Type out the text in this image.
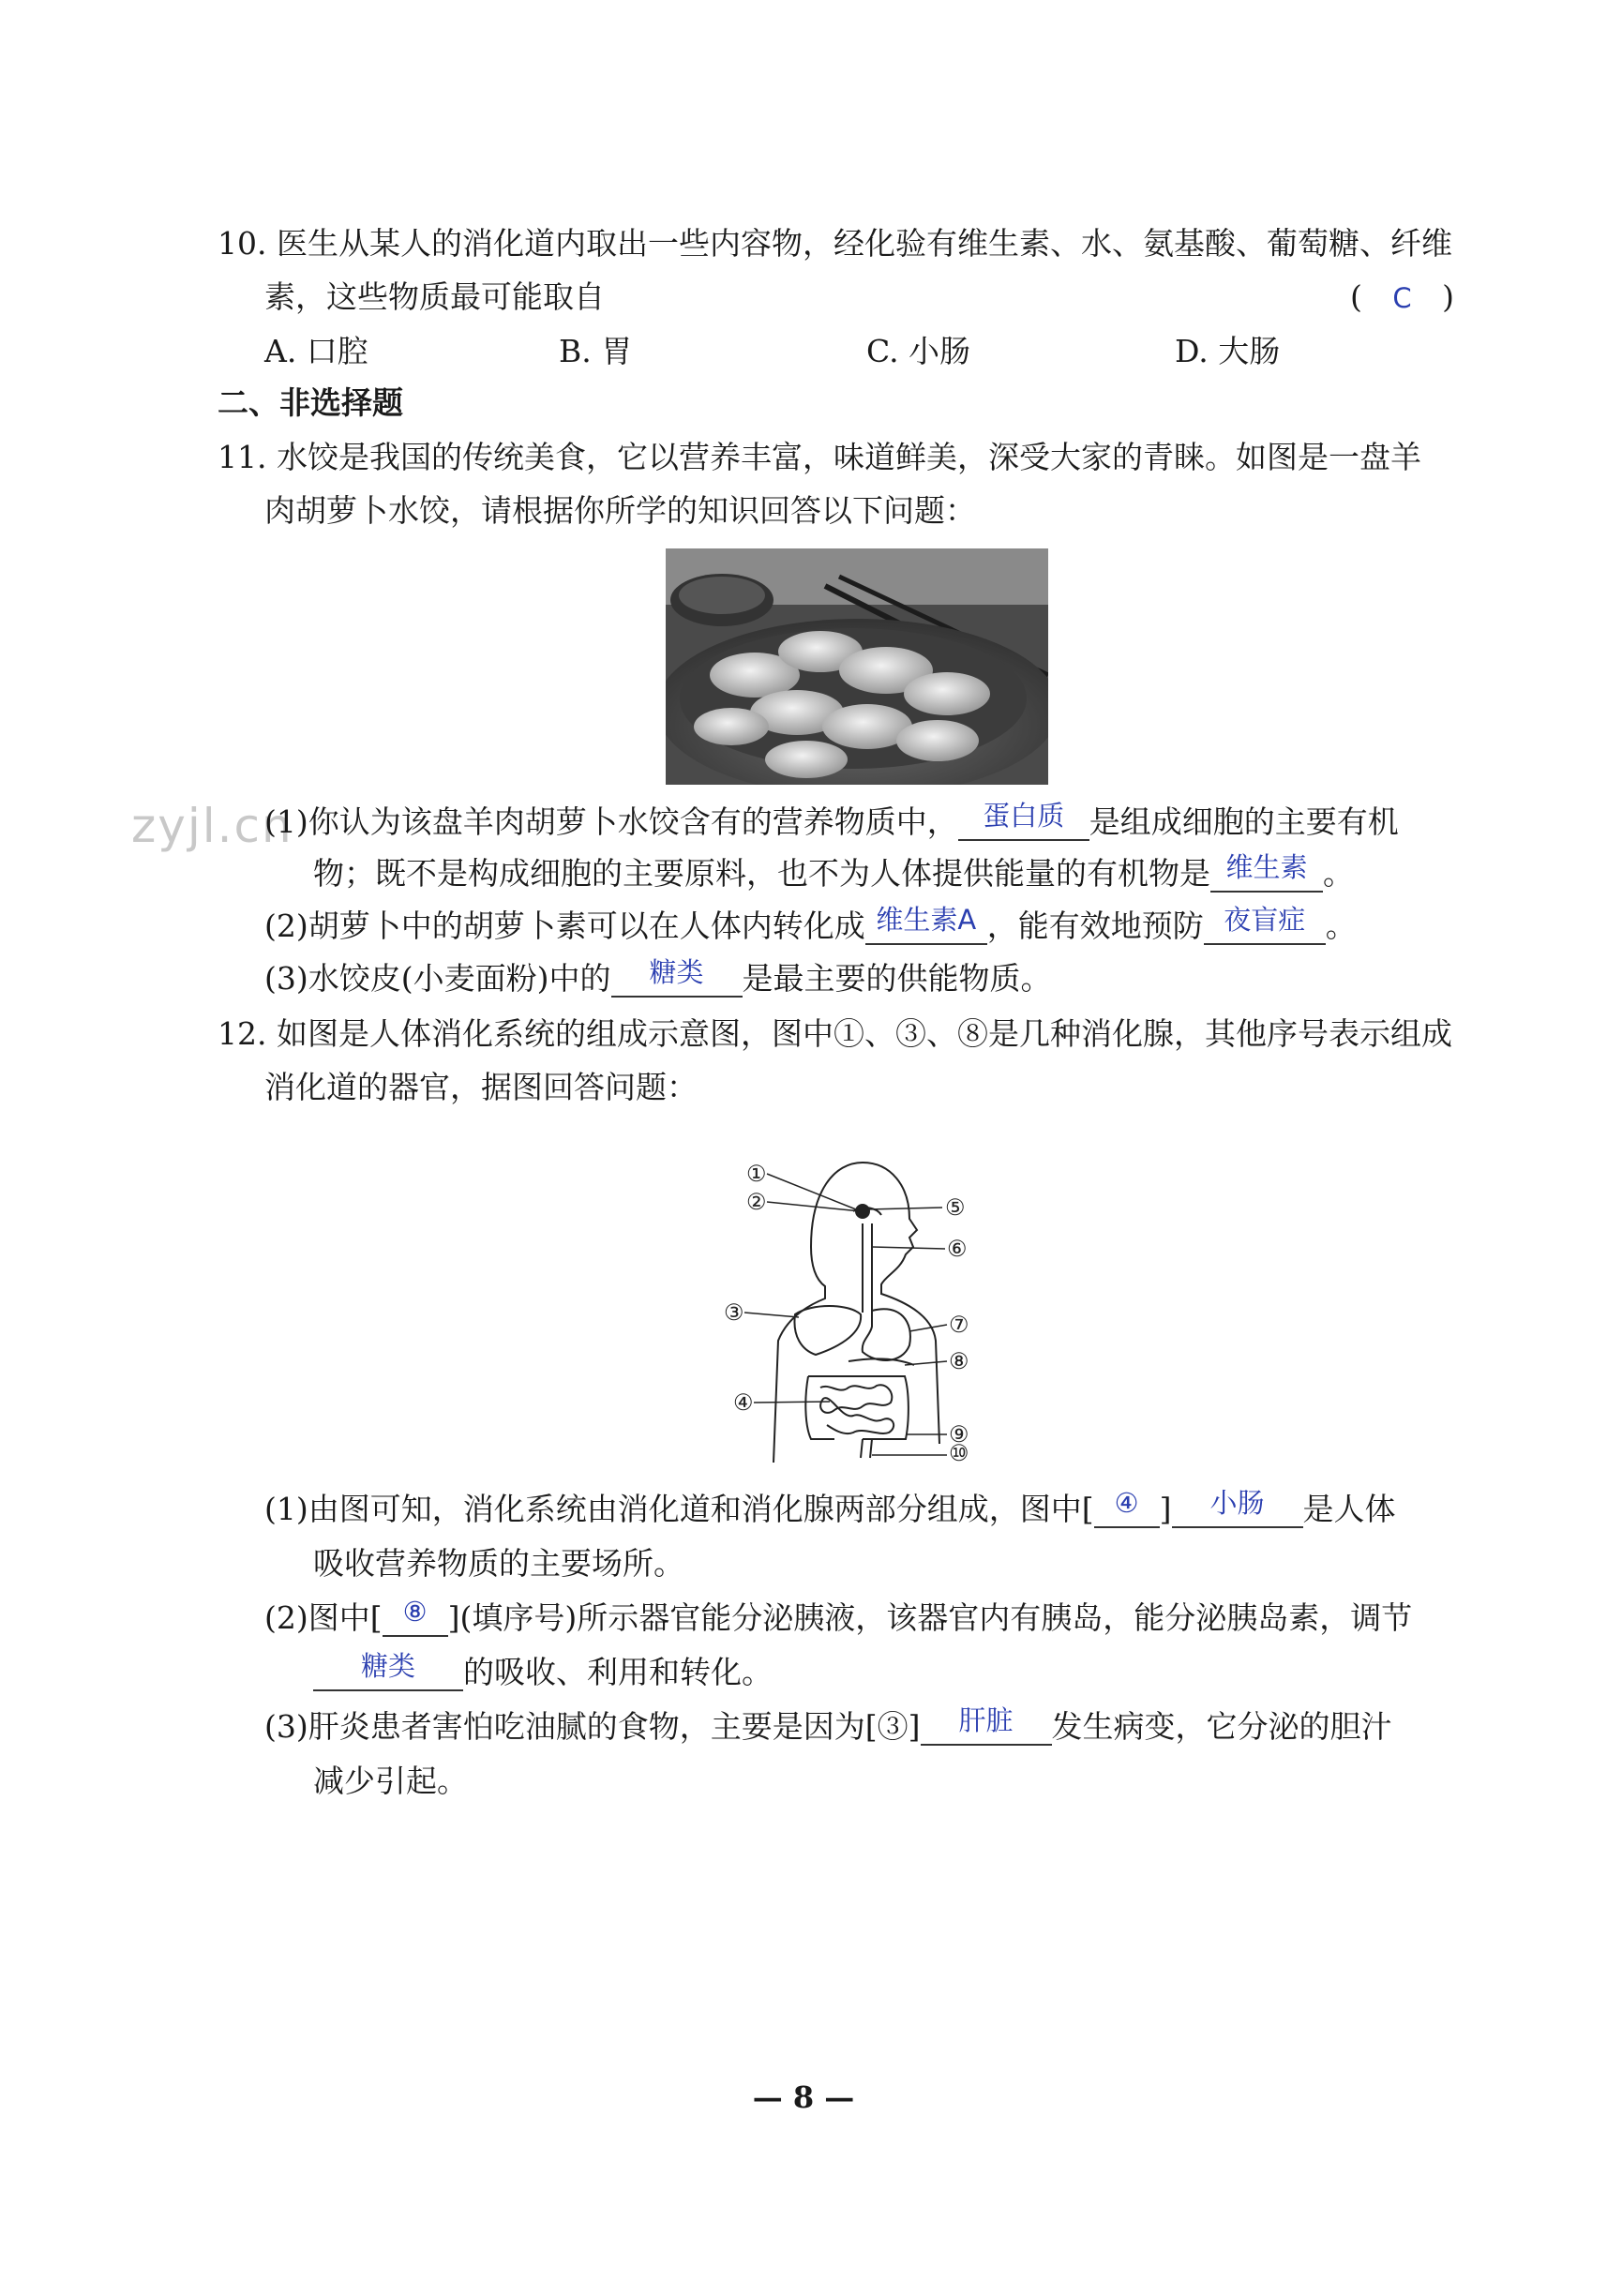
10. 医生从某人的消化道内取出一些内容物，经化验有维生素、水、氨基酸、葡萄糖、纤维
素，这些物质最可能取自	( C )
A. 口腔	B. 胃	C. 小肠	D. 大肠
二、非选择题
11. 水饺是我国的传统美食，它以营养丰富，味道鲜美，深受大家的青睐。如图是一盘羊
肉胡萝卜水饺，请根据你所学的知识回答以下问题：
zyjl.cn
(1)你认为该盘羊肉胡萝卜水饺含有的营养物质中， 蛋白质 是组成细胞的主要有机
物；既不是构成细胞的主要原料，也不为人体提供能量的有机物是 维生素 。
(2)胡萝卜中的胡萝卜素可以在人体内转化成 维生素A ，能有效地预防 夜盲症 。
(3)水饺皮(小麦面粉)中的 糖类 是最主要的供能物质。
12. 如图是人体消化系统的组成示意图，图中①、③、⑧是几种消化腺，其他序号表示组成
消化道的器官，据图回答问题：
①
②
③
④
⑤
⑥
⑦
⑧
⑨
⑩
(1)由图可知，消化系统由消化道和消化腺两部分组成，图中[ ④ ] 小肠 是人体
吸收营养物质的主要场所。
(2)图中[ ⑧ ](填序号)所示器官能分泌胰液，该器官内有胰岛，能分泌胰岛素，调节
糖类 的吸收、利用和转化。
(3)肝炎患者害怕吃油腻的食物，主要是因为[③] 肝脏 发生病变，它分泌的胆汁
减少引起。
— 8 —
